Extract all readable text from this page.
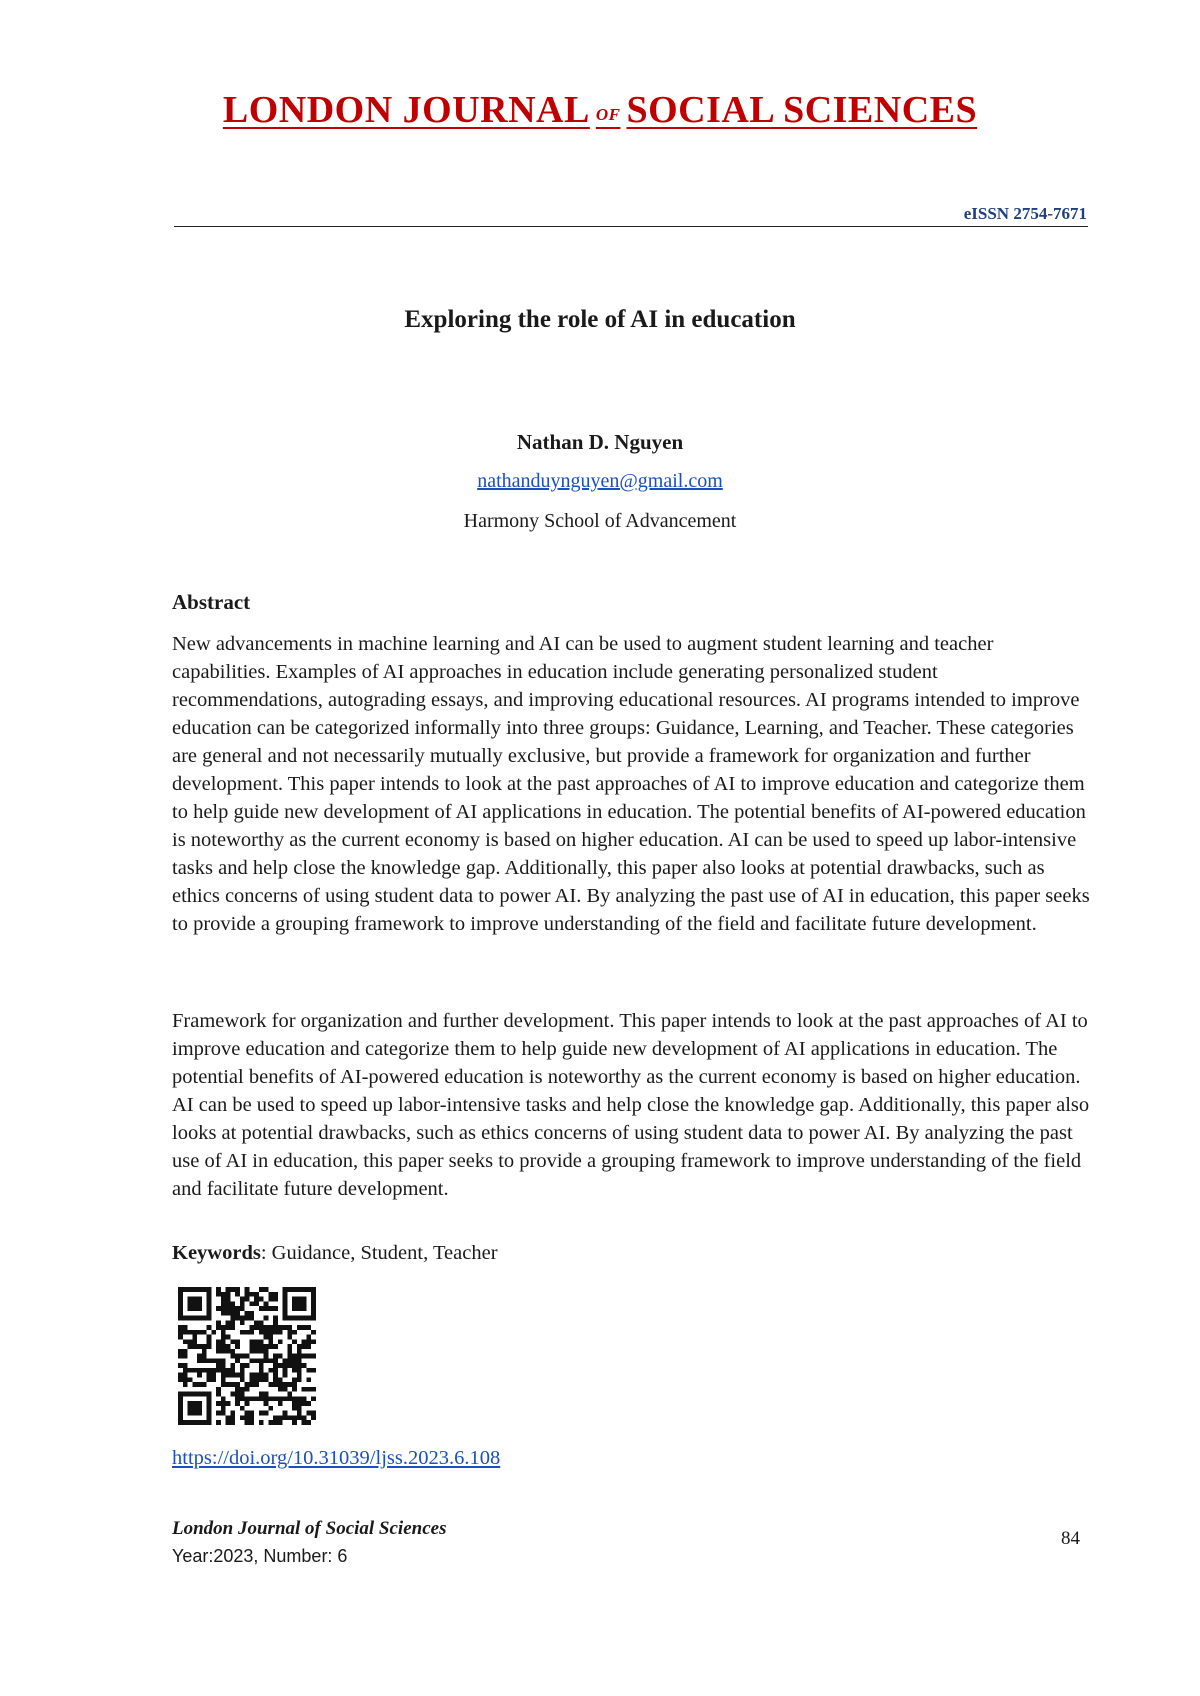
LONDON JOURNAL OF SOCIAL SCIENCES
eISSN 2754-7671
Exploring the role of AI in education
Nathan D. Nguyen
nathanduynguyen@gmail.com
Harmony School of Advancement
Abstract

New advancements in machine learning and AI can be used to augment student learning and teacher capabilities. Examples of AI approaches in education include generating personalized student recommendations, autograding essays, and improving educational resources. AI programs intended to improve education can be categorized informally into three groups: Guidance, Learning, and Teacher. These categories are general and not necessarily mutually exclusive, but provide a framework for organization and further development. This paper intends to look at the past approaches of AI to improve education and categorize them to help guide new development of AI applications in education. The potential benefits of AI-powered education is noteworthy as the current economy is based on higher education. AI can be used to speed up labor-intensive tasks and help close the knowledge gap. Additionally, this paper also looks at potential drawbacks, such as ethics concerns of using student data to power AI. By analyzing the past use of AI in education, this paper seeks to provide a grouping framework to improve understanding of the field and facilitate future development.

Framework for organization and further development. This paper intends to look at the past approaches of AI to improve education and categorize them to help guide new development of AI applications in education. The potential benefits of AI-powered education is noteworthy as the current economy is based on higher education. AI can be used to speed up labor-intensive tasks and help close the knowledge gap. Additionally, this paper also looks at potential drawbacks, such as ethics concerns of using student data to power AI. By analyzing the past use of AI in education, this paper seeks to provide a grouping framework to improve understanding of the field and facilitate future development.

Keywords: Guidance, Student, Teacher
https://doi.org/10.31039/ljss.2023.6.108
London Journal of Social Sciences
Year:2023, Number: 6
84
